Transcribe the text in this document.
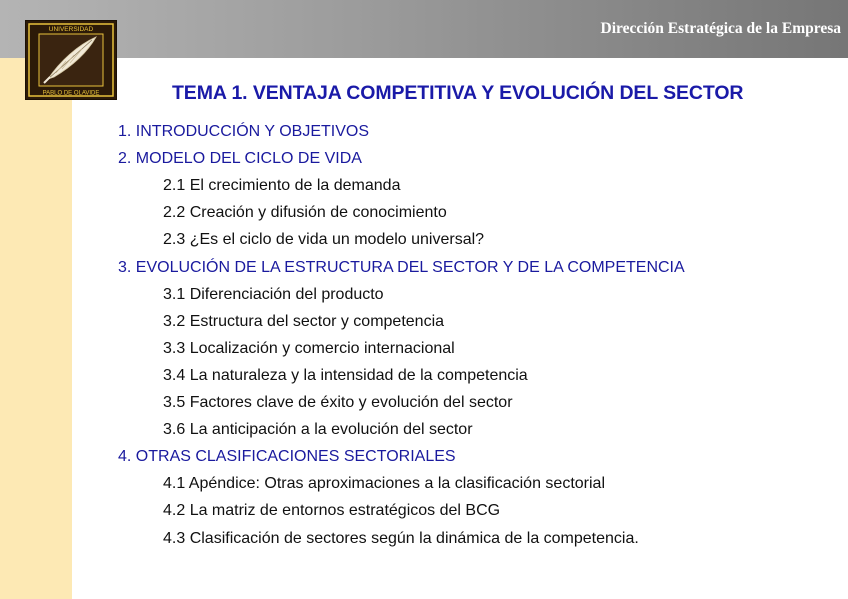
Dirección Estratégica de la Empresa
UNIVERSIDAD
PABLO DE OLAVIDE	TEMA 1. VENTAJA COMPETITIVA Y EVOLUCIÓN DEL SECTOR
1. INTRODUCCIÓN Y OBJETIVOS
2. MODELO DEL CICLO DE VIDA
2.1 El crecimiento de la demanda
2.2 Creación y difusión de conocimiento
2.3 ¿Es el ciclo de vida un modelo universal?
3. EVOLUCIÓN DE LA ESTRUCTURA DEL SECTOR Y DE LA COMPETENCIA
3.1 Diferenciación del producto
3.2 Estructura del sector y competencia
3.3 Localización y comercio internacional
3.4 La naturaleza y la intensidad de la competencia
3.5 Factores clave de éxito y evolución del sector
3.6 La anticipación a la evolución del sector
4. OTRAS CLASIFICACIONES SECTORIALES
4.1 Apéndice: Otras aproximaciones a la clasificación sectorial
4.2 La matriz de entornos estratégicos del BCG
4.3 Clasificación de sectores según la dinámica de la competencia.
